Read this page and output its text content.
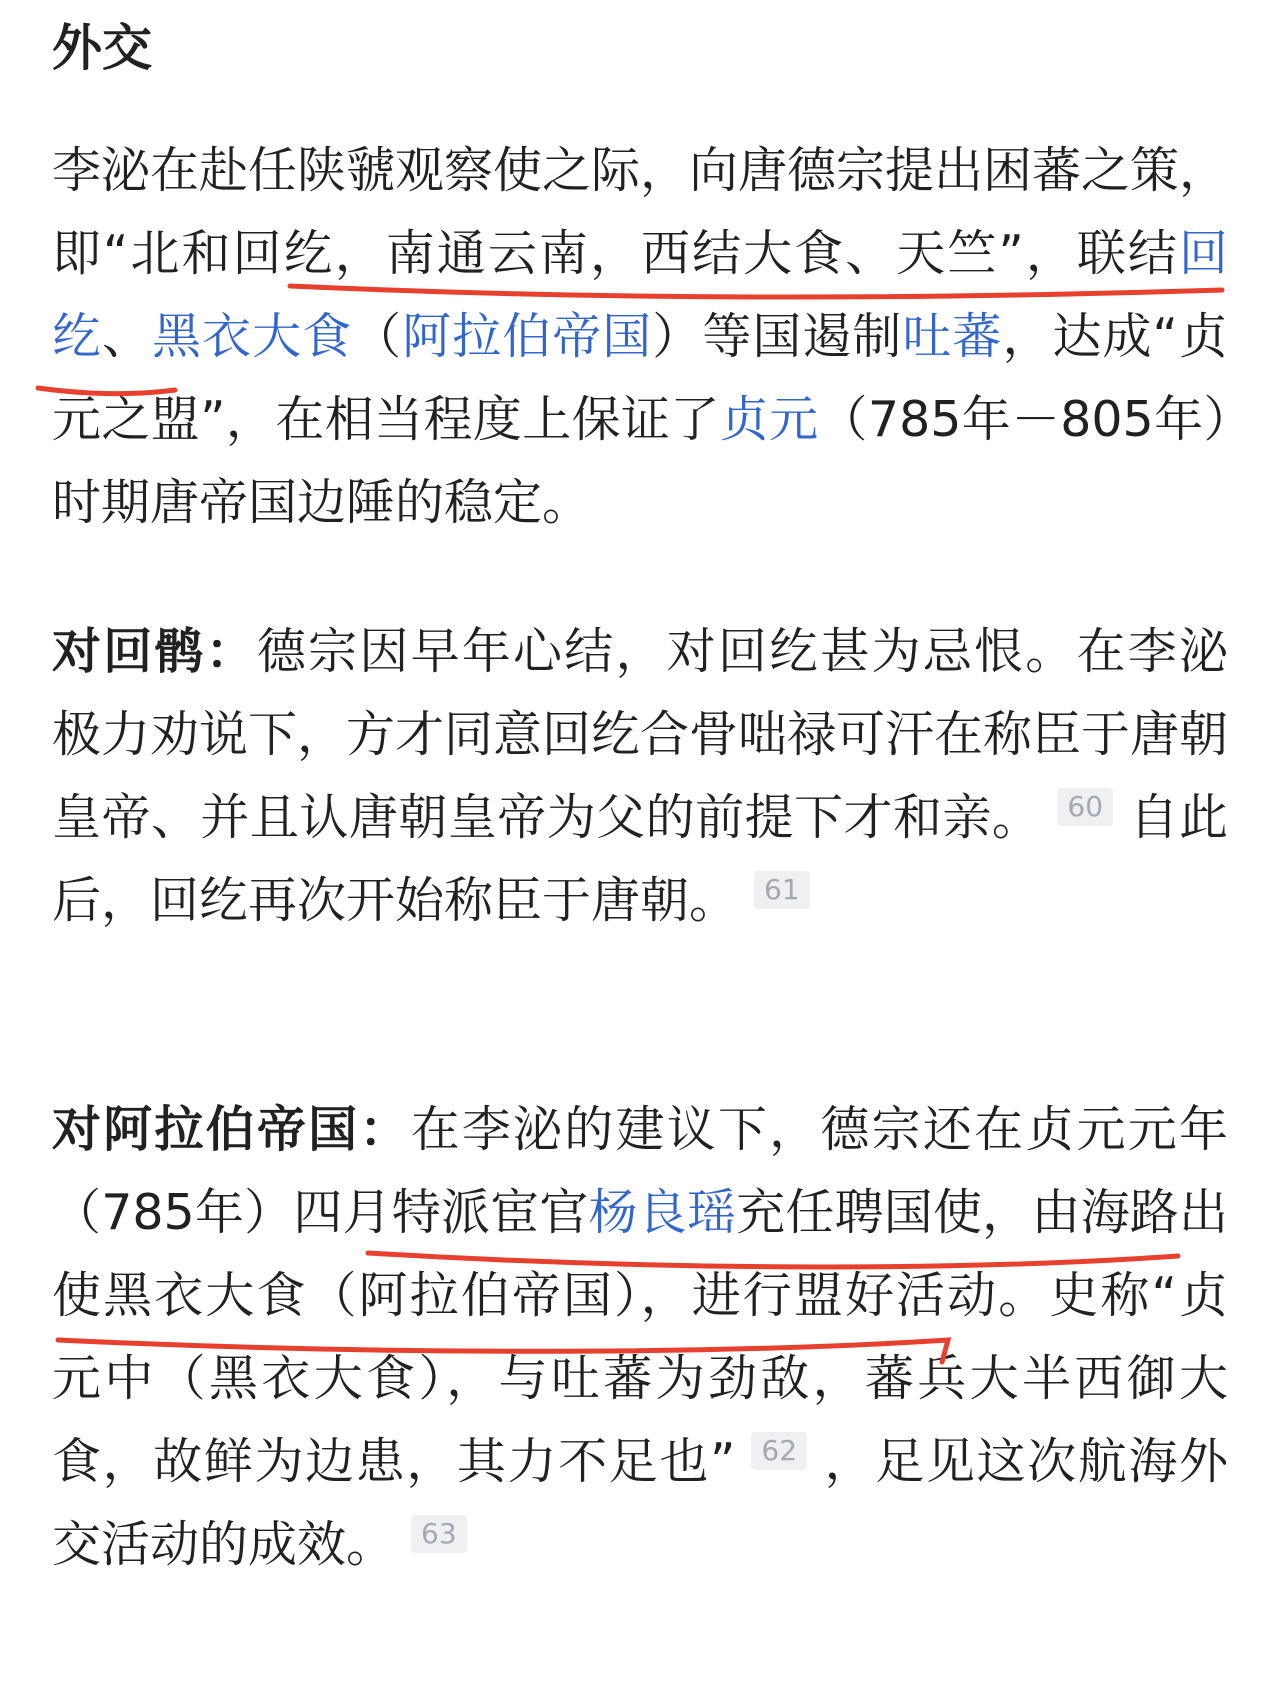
外交

李泌在赴任陕虢观察使之际，向唐德宗提出困蕃之策，即“北和回纥，南通云南，西结大食、天竺”，联结回纥、黑衣大食（阿拉伯帝国）等国遏制吐蕃，达成“贞元之盟”，在相当程度上保证了贞元（785年－805年）时期唐帝国边陲的稳定。

对回鹘：德宗因早年心结，对回纥甚为忌恨。在李泌极力劝说下，方才同意回纥合骨咄禄可汗在称臣于唐朝皇帝、并且认唐朝皇帝为父的前提下才和亲。 60 自此后，回纥再次开始称臣于唐朝。 61

对阿拉伯帝国：在李泌的建议下，德宗还在贞元元年（785年）四月特派宦官杨良瑶充任聘国使，由海路出使黑衣大食（阿拉伯帝国），进行盟好活动。史称“贞元中（黑衣大食），与吐蕃为劲敌，蕃兵大半西御大食，故鲜为边患，其力不足也” 62 ，足见这次航海外交活动的成效。 63
